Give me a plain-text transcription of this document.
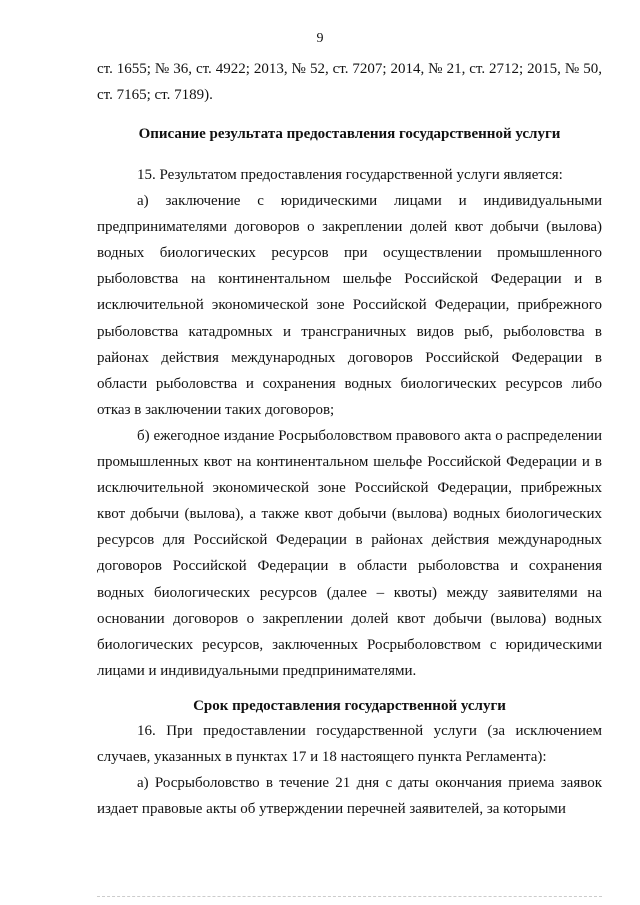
9

ст. 1655; № 36, ст. 4922; 2013, № 52, ст. 7207; 2014, № 21, ст. 2712; 2015, № 50, ст. 7165; ст. 7189).

Описание результата предоставления государственной услуги

15. Результатом предоставления государственной услуги является:

а) заключение с юридическими лицами и индивидуальными предпринимателями договоров о закреплении долей квот добычи (вылова) водных биологических ресурсов при осуществлении промышленного рыболовства на континентальном шельфе Российской Федерации и в исключительной экономической зоне Российской Федерации, прибрежного рыболовства катадромных и трансграничных видов рыб, рыболовства в районах действия международных договоров Российской Федерации в области рыболовства и сохранения водных биологических ресурсов либо отказ в заключении таких договоров;

б) ежегодное издание Росрыболовством правового акта о распределении промышленных квот на континентальном шельфе Российской Федерации и в исключительной экономической зоне Российской Федерации, прибрежных квот добычи (вылова), а также квот добычи (вылова) водных биологических ресурсов для Российской Федерации в районах действия международных договоров Российской Федерации в области рыболовства и сохранения водных биологических ресурсов (далее – квоты) между заявителями на основании договоров о закреплении долей квот добычи (вылова) водных биологических ресурсов, заключенных Росрыболовством с юридическими лицами и индивидуальными предпринимателями.

Срок предоставления государственной услуги

16. При предоставлении государственной услуги (за исключением случаев, указанных в пунктах 17 и 18 настоящего пункта Регламента):

а) Росрыболовство в течение 21 дня с даты окончания приема заявок издает правовые акты об утверждении перечней заявителей, за которыми
